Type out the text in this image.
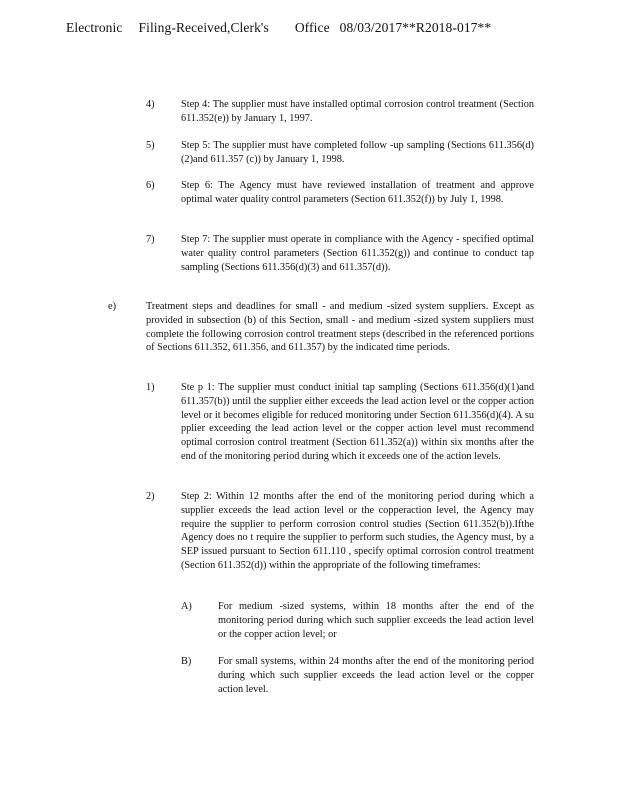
Electronic Filing-Received,Clerk's Office 08/03/2017**R2018-017**
4)	Step 4: The supplier must have installed optimal corrosion control treatment (Section 611.352(e)) by January 1, 1997.
5)	Step 5: The supplier must have completed follow -up sampling (Sections 611.356(d)(2)and 611.357 (c)) by January 1, 1998.
6)	Step 6: The Agency must have reviewed installation of treatment and approve optimal water quality control parameters (Section 611.352(f)) by July 1, 1998.
7)	Step 7: The supplier must operate in compliance with the Agency - specified optimal water quality control parameters (Section 611.352(g)) and continue to conduct tap sampling (Sections 611.356(d)(3) and 611.357(d)).
e)	Treatment steps and deadlines for small - and medium -sized system suppliers. Except as provided in subsection (b) of this Section, small - and medium -sized system suppliers must complete the following corrosion control treatment steps (described in the referenced portions of Sections 611.352, 611.356, and 611.357) by the indicated time periods.
1)	Ste p 1: The supplier must conduct initial tap sampling (Sections 611.356(d)(1)and 611.357(b)) until the supplier either exceeds the lead action level or the copper action level or it becomes eligible for reduced monitoring under Section 611.356(d)(4). A su pplier exceeding the lead action level or the copper action level must recommend optimal corrosion control treatment (Section 611.352(a)) within six months after the end of the monitoring period during which it exceeds one of the action levels.
2)	Step 2: Within 12 months after the end of the monitoring period during which a supplier exceeds the lead action level or the copperaction level, the Agency may require the supplier to perform corrosion control studies (Section 611.352(b)).Ifthe Agency does no t require the supplier to perform such studies, the Agency must, by a SEP issued pursuant to Section 611.110 , specify optimal corrosion control treatment (Section 611.352(d)) within the appropriate of the following timeframes:
A)	For medium -sized systems, within 18 months after the end of the monitoring period during which such supplier exceeds the lead action level or the copper action level; or
B)	For small systems, within 24 months after the end of the monitoring period during which such supplier exceeds the lead action level or the copper action level.
